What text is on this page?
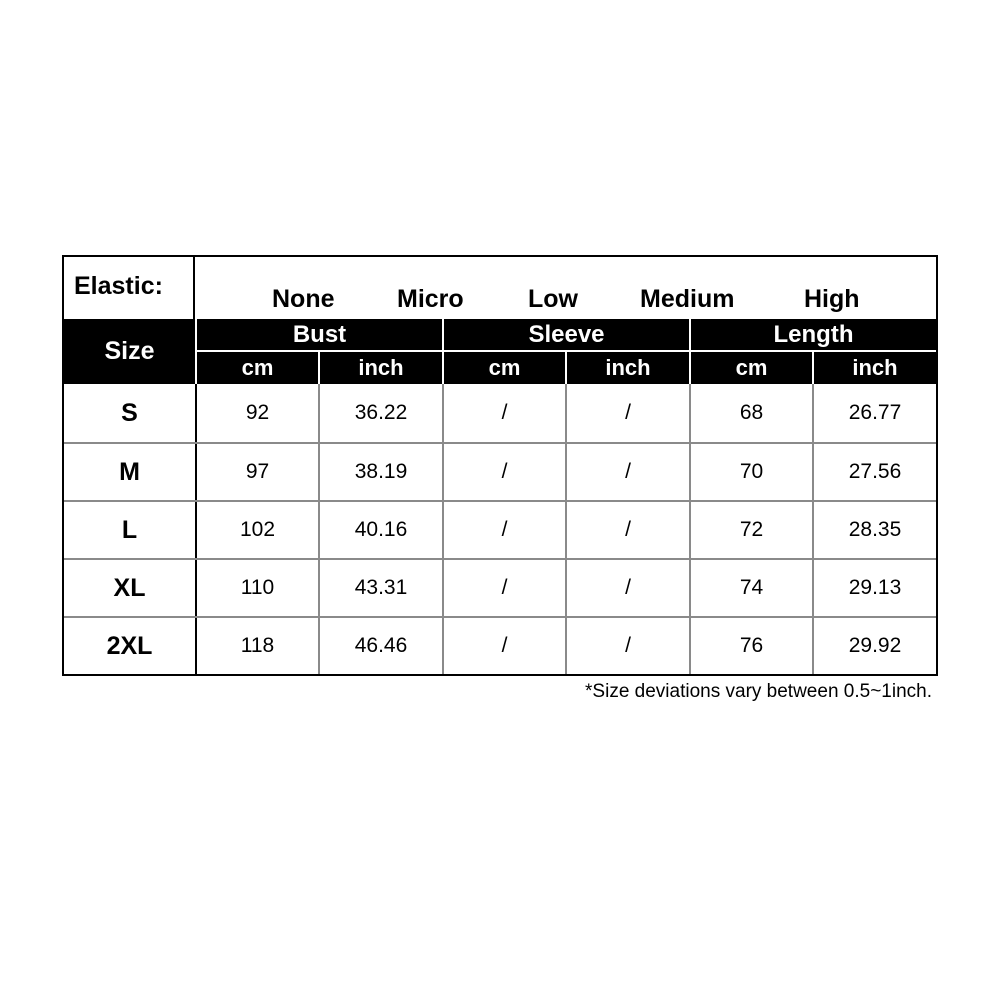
Elastic:	None	Micro	Low Medium	High
Size
Bust	Sleeve	Length
cm	inch	cm	inch	cm	inch
S	92	36.22	/	/	68	26.77
M	97	38.19	/	/	70	27.56
L	102	40.16	/	/	72	28.35
XL	110	43.31	/	/	74	29.13
2XL	118	46.46	/	/	76	29.92
*Size deviations vary between 0.5~1inch.
